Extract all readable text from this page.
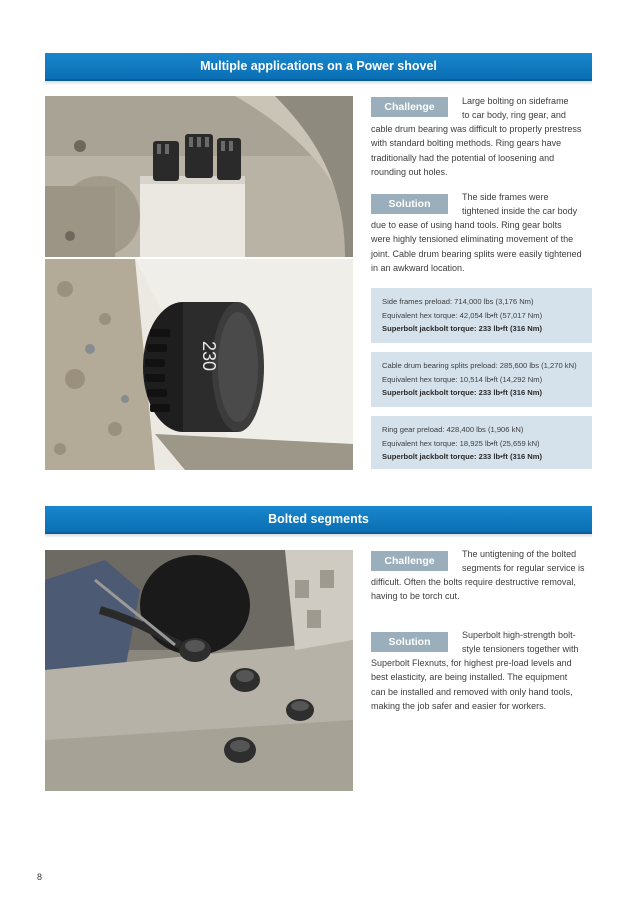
Multiple applications on a Power shovel
230
Challenge	Large bolting on sideframe
to car body, ring gear, and
cable drum bearing was difficult to properly prestress
with standard bolting methods. Ring gears have
traditionally had the potential of loosening and
rounding out holes.
Solution
The side frames were
tightened inside the car body
due to ease of using hand tools. Ring gear bolts
were highly tensioned eliminating movement of the
joint. Cable drum bearing splits were easily tightened
in an awkward location.
Side frames preload: 714,000 lbs (3,176 Nm)
Equivalent hex torque: 42,054 lb•ft (57,017 Nm)
Superbolt jackbolt torque: 233 lb•ft (316 Nm)
Cable drum bearing splits preload: 285,600 lbs (1,270 kN)
Equivalent hex torque: 10,514 lb•ft (14,292 Nm)
Superbolt jackbolt torque: 233 lb•ft (316 Nm)
Ring gear preload: 428,400 lbs (1,906 kN)
Equivalent hex torque: 18,925 lb•ft (25,659 kN)
Superbolt jackbolt torque: 233 lb•ft (316 Nm)
Bolted segments
Challenge
The untigtening of the bolted
segments for regular service is
difficult. Often the bolts require destructive removal,
having to be torch cut.
Solution
Superbolt high-strength bolt-
style tensioners together with
Superbolt Flexnuts, for highest pre-load levels and
best elasticity, are being installed. The equipment
can be installed and removed with only hand tools,
making the job safer and easier for workers.
8
